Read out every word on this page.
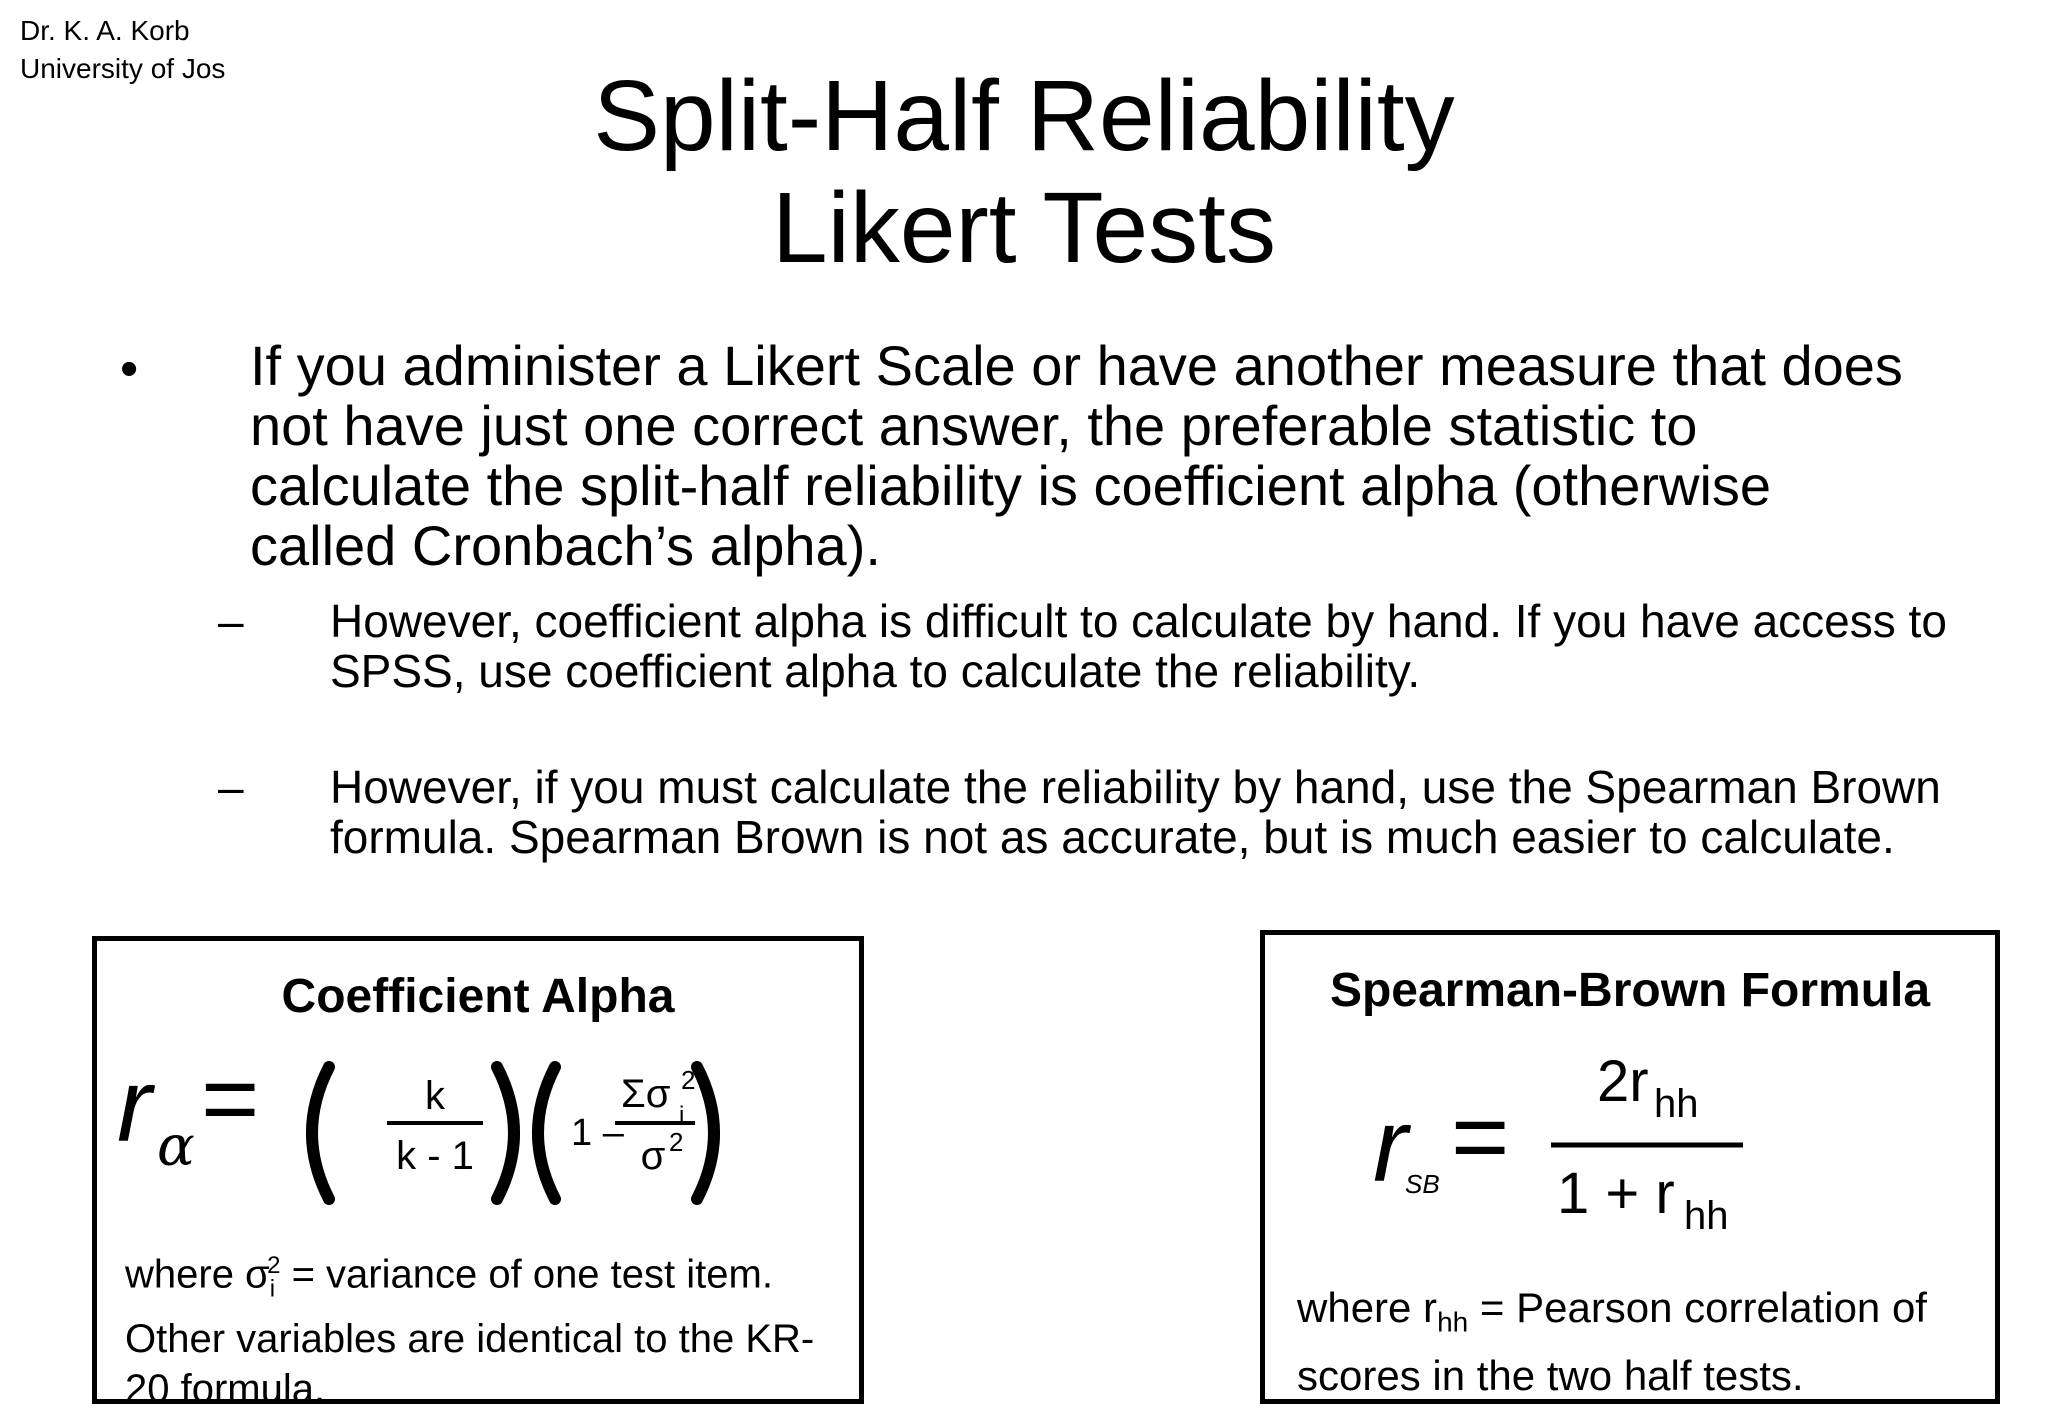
Dr. K. A. Korb
University of Jos	Split-Half Reliability
Likert Tests
• If you administer a Likert Scale or have another measure that does not have just one correct answer, the preferable statistic to calculate the split-half reliability is coefficient alpha (otherwise called Cronbach’s alpha).
– However, coefficient alpha is difficult to calculate by hand. If you have access to SPSS, use coefficient alpha to calculate the reliability.
– However, if you must calculate the reliability by hand, use the Spearman Brown formula. Spearman Brown is not as accurate, but is much easier to calculate.
Coefficient Alpha
r α =	k
k - 1
1 –
Σσ i
2
σ 2
where $\sigma_i^2$ = variance of one test item. Other variables are identical to the KR-20 formula.
Spearman-Brown Formula
r
SB = 2r hh
1 + r hh
where $r_{hh}$ = Pearson correlation of scores in the two half tests.
